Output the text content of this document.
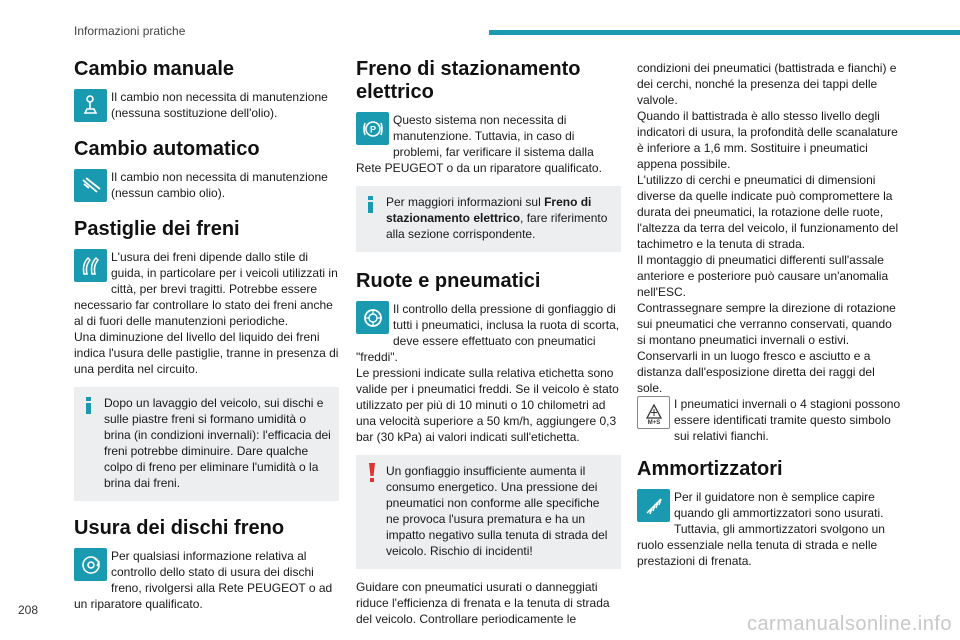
Informazioni pratiche
Cambio manuale

Il cambio non necessita di manutenzione (nessuna sostituzione dell'olio).

Cambio automatico

Il cambio non necessita di manutenzione (nessun cambio olio).

Pastiglie dei freni

L'usura dei freni dipende dallo stile di guida, in particolare per i veicoli utilizzati in città, per brevi tragitti. Potrebbe essere necessario far controllare lo stato dei freni anche al di fuori delle manutenzioni periodiche.

Una diminuzione del livello del liquido dei freni indica l'usura delle pastiglie, tranne in presenza di una perdita nel circuito.

Dopo un lavaggio del veicolo, sui dischi e sulle piastre freni si formano umidità o brina (in condizioni invernali): l'efficacia dei freni potrebbe diminuire. Dare qualche colpo di freno per eliminare l'umidità o la brina dai freni.

Usura dei dischi freno

Per qualsiasi informazione relativa al controllo dello stato di usura dei dischi freno, rivolgersi alla Rete PEUGEOT o ad un riparatore qualificato.

Freno di stazionamento elettrico
P

Questo sistema non necessita di manutenzione. Tuttavia, in caso di problemi, far verificare il sistema dalla Rete PEUGEOT o da un riparatore qualificato.

Per maggiori informazioni sul Freno di stazionamento elettrico, fare riferimento alla sezione corrispondente.

Ruote e pneumatici

Il controllo della pressione di gonfiaggio di tutti i pneumatici, inclusa la ruota di scorta, deve essere effettuato con pneumatici "freddi".

Le pressioni indicate sulla relativa etichetta sono valide per i pneumatici freddi. Se il veicolo è stato utilizzato per più di 10 minuti o 10 chilometri ad una velocità superiore a 50 km/h, aggiungere 0,3 bar (30 kPa) ai valori indicati sull'etichetta.

Un gonfiaggio insufficiente aumenta il consumo energetico. Una pressione dei pneumatici non conforme alle specifiche ne provoca l'usura prematura e ha un impatto negativo sulla tenuta di strada del veicolo. Rischio di incidenti!

Guidare con pneumatici usurati o danneggiati riduce l'efficienza di frenata e la tenuta di strada del veicolo. Controllare periodicamente le

condizioni dei pneumatici (battistrada e fianchi) e dei cerchi, nonché la presenza dei tappi delle valvole.

Quando il battistrada è allo stesso livello degli indicatori di usura, la profondità delle scanalature è inferiore a 1,6 mm. Sostituire i pneumatici appena possibile.

L'utilizzo di cerchi e pneumatici di dimensioni diverse da quelle indicate può compromettere la durata dei pneumatici, la rotazione delle ruote, l'altezza da terra del veicolo, il funzionamento del tachimetro e la tenuta di strada.

Il montaggio di pneumatici differenti sull'assale anteriore e posteriore può causare un'anomalia nell'ESC.

Contrassegnare sempre la direzione di rotazione sui pneumatici che verranno conservati, quando si montano pneumatici invernali o estivi.

Conservarli in un luogo fresco e asciutto e a distanza dall'esposizione diretta dei raggi del sole.

M+S

I pneumatici invernali o 4 stagioni possono essere identificati tramite questo simbolo sui relativi fianchi.

Ammortizzatori

Per il guidatore non è semplice capire quando gli ammortizzatori sono usurati. Tuttavia, gli ammortizzatori svolgono un ruolo essenziale nella tenuta di strada e nelle prestazioni di frenata.

208
carmanualsonline.info
